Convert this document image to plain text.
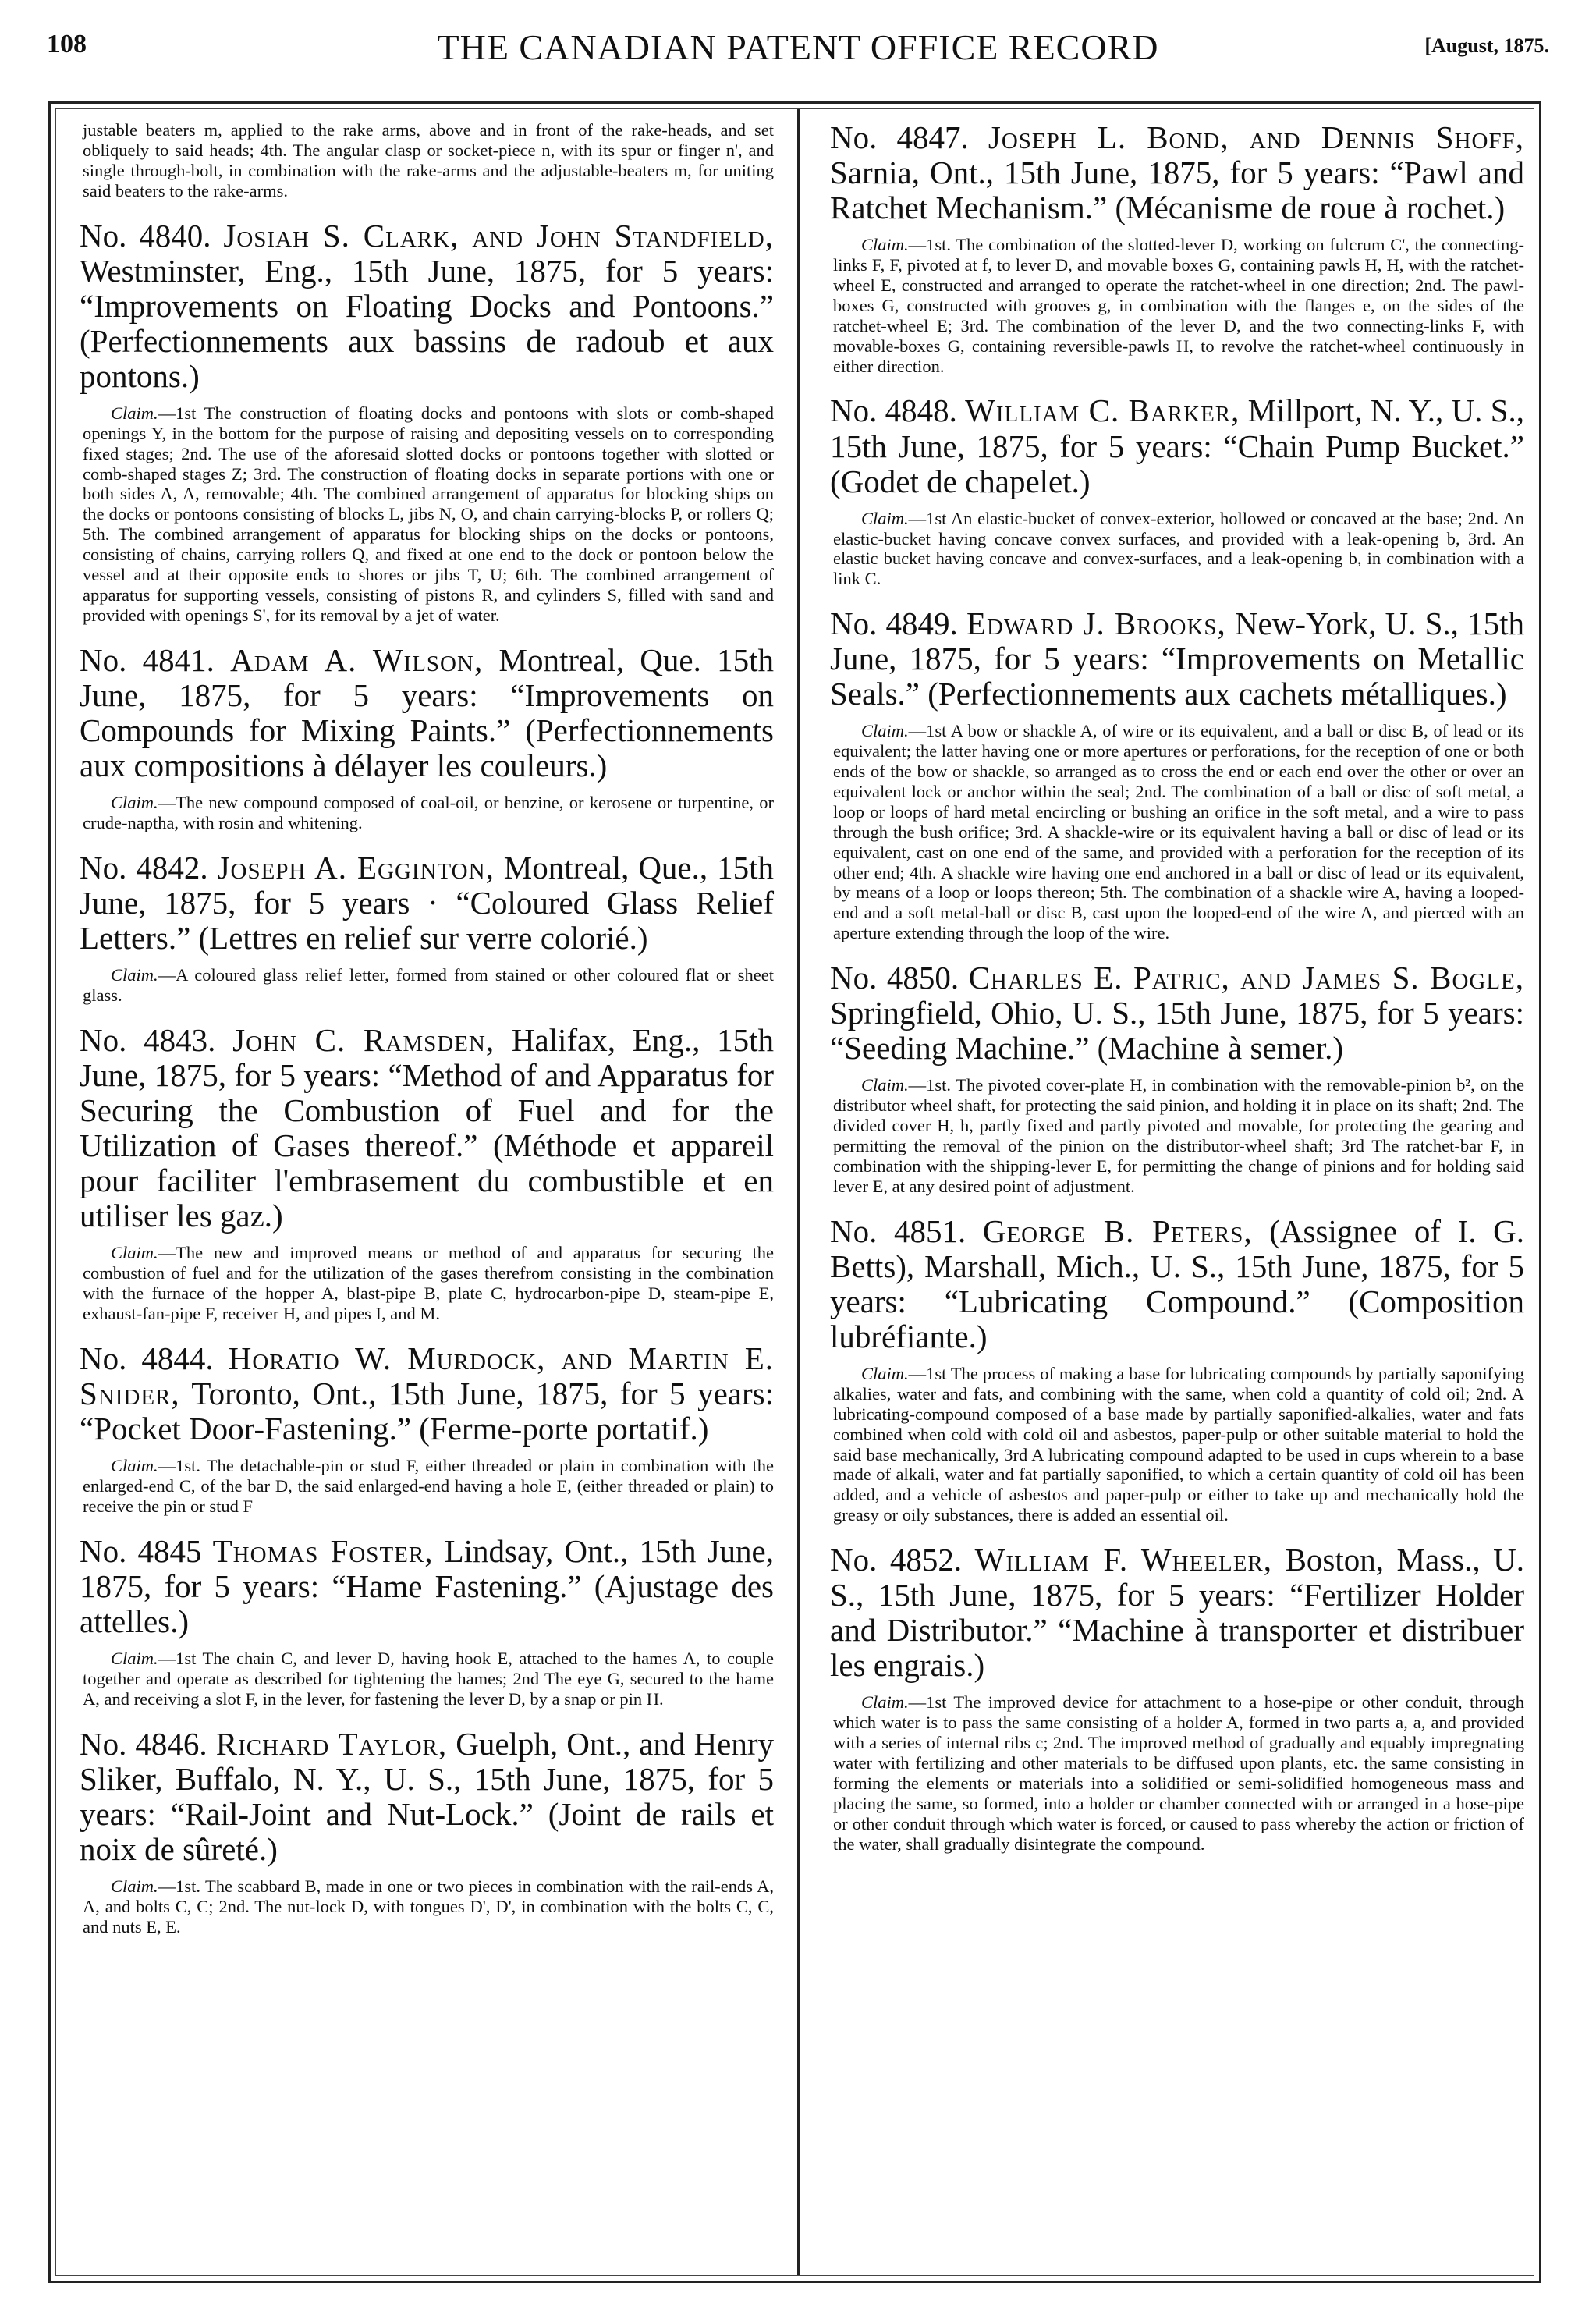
108	THE CANADIAN PATENT OFFICE RECORD	[August, 1875.

justable beaters m, applied to the rake arms, above and in front of the rake-heads, and set obliquely to said heads; 4th. The angular clasp or socket-piece n, with its spur or finger n', and single through-bolt, in combination with the rake-arms and the adjustable-beaters m, for uniting said beaters to the rake-arms.

No. 4840. Josiah S. Clark, and John Standfield, Westminster, Eng., 15th June, 1875, for 5 years: “Improvements on Floating Docks and Pontoons.” (Perfectionnements aux bassins de radoub et aux pontons.)

Claim.—1st The construction of floating docks and pontoons with slots or comb-shaped openings Y, in the bottom for the purpose of raising and depositing vessels on to corresponding fixed stages; 2nd. The use of the aforesaid slotted docks or pontoons together with slotted or comb-shaped stages Z; 3rd. The construction of floating docks in separate portions with one or both sides A, A, removable; 4th. The combined arrangement of apparatus for blocking ships on the docks or pontoons consisting of blocks L, jibs N, O, and chain carrying-blocks P, or rollers Q; 5th. The combined arrangement of apparatus for blocking ships on the docks or pontoons, consisting of chains, carrying rollers Q, and fixed at one end to the dock or pontoon below the vessel and at their opposite ends to shores or jibs T, U; 6th. The combined arrangement of apparatus for supporting vessels, consisting of pistons R, and cylinders S, filled with sand and provided with openings S', for its removal by a jet of water.

No. 4841. Adam A. Wilson, Montreal, Que. 15th June, 1875, for 5 years: “Improvements on Compounds for Mixing Paints.” (Perfectionnements aux compositions à délayer les couleurs.)

Claim.—The new compound composed of coal-oil, or benzine, or kerosene or turpentine, or crude-naptha, with rosin and whitening.

No. 4842. Joseph A. Egginton, Montreal, Que., 15th June, 1875, for 5 years · “Coloured Glass Relief Letters.” (Lettres en relief sur verre colorié.)

Claim.—A coloured glass relief letter, formed from stained or other coloured flat or sheet glass.

No. 4843. John C. Ramsden, Halifax, Eng., 15th June, 1875, for 5 years: “Method of and Apparatus for Securing the Combustion of Fuel and for the Utilization of Gases thereof.” (Méthode et appareil pour faciliter l'embrasement du combustible et en utiliser les gaz.)

Claim.—The new and improved means or method of and apparatus for securing the combustion of fuel and for the utilization of the gases therefrom consisting in the combination with the furnace of the hopper A, blast-pipe B, plate C, hydrocarbon-pipe D, steam-pipe E, exhaust-fan-pipe F, receiver H, and pipes I, and M.

No. 4844. Horatio W. Murdock, and Martin E. Snider, Toronto, Ont., 15th June, 1875, for 5 years: “Pocket Door-Fastening.” (Ferme-porte portatif.)

Claim.—1st. The detachable-pin or stud F, either threaded or plain in combination with the enlarged-end C, of the bar D, the said enlarged-end having a hole E, (either threaded or plain) to receive the pin or stud F

No. 4845 Thomas Foster, Lindsay, Ont., 15th June, 1875, for 5 years: “Hame Fastening.” (Ajustage des attelles.)

Claim.—1st The chain C, and lever D, having hook E, attached to the hames A, to couple together and operate as described for tightening the hames; 2nd The eye G, secured to the hame A, and receiving a slot F, in the lever, for fastening the lever D, by a snap or pin H.

No. 4846. Richard Taylor, Guelph, Ont., and Henry Sliker, Buffalo, N. Y., U. S., 15th June, 1875, for 5 years: “Rail-Joint and Nut-Lock.” (Joint de rails et noix de sûreté.)

Claim.—1st. The scabbard B, made in one or two pieces in combination with the rail-ends A, A, and bolts C, C; 2nd. The nut-lock D, with tongues D', D', in combination with the bolts C, C, and nuts E, E.

No. 4847. Joseph L. Bond, and Dennis Shoff, Sarnia, Ont., 15th June, 1875, for 5 years: “Pawl and Ratchet Mechanism.” (Mécanisme de roue à rochet.)

Claim.—1st. The combination of the slotted-lever D, working on fulcrum C', the connecting-links F, F, pivoted at f, to lever D, and movable boxes G, containing pawls H, H, with the ratchet-wheel E, constructed and arranged to operate the ratchet-wheel in one direction; 2nd. The pawl-boxes G, constructed with grooves g, in combination with the flanges e, on the sides of the ratchet-wheel E; 3rd. The combination of the lever D, and the two connecting-links F, with movable-boxes G, containing reversible-pawls H, to revolve the ratchet-wheel continuously in either direction.

No. 4848. William C. Barker, Millport, N. Y., U. S., 15th June, 1875, for 5 years: “Chain Pump Bucket.” (Godet de chapelet.)

Claim.—1st An elastic-bucket of convex-exterior, hollowed or concaved at the base; 2nd. An elastic-bucket having concave convex surfaces, and provided with a leak-opening b, 3rd. An elastic bucket having concave and convex-surfaces, and a leak-opening b, in combination with a link C.

No. 4849. Edward J. Brooks, New-York, U. S., 15th June, 1875, for 5 years: “Improvements on Metallic Seals.” (Perfectionnements aux cachets métalliques.)

Claim.—1st A bow or shackle A, of wire or its equivalent, and a ball or disc B, of lead or its equivalent; the latter having one or more apertures or perforations, for the reception of one or both ends of the bow or shackle, so arranged as to cross the end or each end over the other or over an equivalent lock or anchor within the seal; 2nd. The combination of a ball or disc of soft metal, a loop or loops of hard metal encircling or bushing an orifice in the soft metal, and a wire to pass through the bush orifice; 3rd. A shackle-wire or its equivalent having a ball or disc of lead or its equivalent, cast on one end of the same, and provided with a perforation for the reception of its other end; 4th. A shackle wire having one end anchored in a ball or disc of lead or its equivalent, by means of a loop or loops thereon; 5th. The combination of a shackle wire A, having a looped-end and a soft metal-ball or disc B, cast upon the looped-end of the wire A, and pierced with an aperture extending through the loop of the wire.

No. 4850. Charles E. Patric, and James S. Bogle, Springfield, Ohio, U. S., 15th June, 1875, for 5 years: “Seeding Machine.” (Machine à semer.)

Claim.—1st. The pivoted cover-plate H, in combination with the removable-pinion b², on the distributor wheel shaft, for protecting the said pinion, and holding it in place on its shaft; 2nd. The divided cover H, h, partly fixed and partly pivoted and movable, for protecting the gearing and permitting the removal of the pinion on the distributor-wheel shaft; 3rd The ratchet-bar F, in combination with the shipping-lever E, for permitting the change of pinions and for holding said lever E, at any desired point of adjustment.

No. 4851. George B. Peters, (Assignee of I. G. Betts), Marshall, Mich., U. S., 15th June, 1875, for 5 years: “Lubricating Compound.” (Composition lubréfiante.)

Claim.—1st The process of making a base for lubricating compounds by partially saponifying alkalies, water and fats, and combining with the same, when cold a quantity of cold oil; 2nd. A lubricating-compound composed of a base made by partially saponified-alkalies, water and fats combined when cold with cold oil and asbestos, paper-pulp or other suitable material to hold the said base mechanically, 3rd A lubricating compound adapted to be used in cups wherein to a base made of alkali, water and fat partially saponified, to which a certain quantity of cold oil has been added, and a vehicle of asbestos and paper-pulp or either to take up and mechanically hold the greasy or oily substances, there is added an essential oil.

No. 4852. William F. Wheeler, Boston, Mass., U. S., 15th June, 1875, for 5 years: “Fertilizer Holder and Distributor.” “Machine à transporter et distribuer les engrais.)

Claim.—1st The improved device for attachment to a hose-pipe or other conduit, through which water is to pass the same consisting of a holder A, formed in two parts a, a, and provided with a series of internal ribs c; 2nd. The improved method of gradually and equably impregnating water with fertilizing and other materials to be diffused upon plants, etc. the same consisting in forming the elements or materials into a solidified or semi-solidified homogeneous mass and placing the same, so formed, into a holder or chamber connected with or arranged in a hose-pipe or other conduit through which water is forced, or caused to pass whereby the action or friction of the water, shall gradually disintegrate the compound.
